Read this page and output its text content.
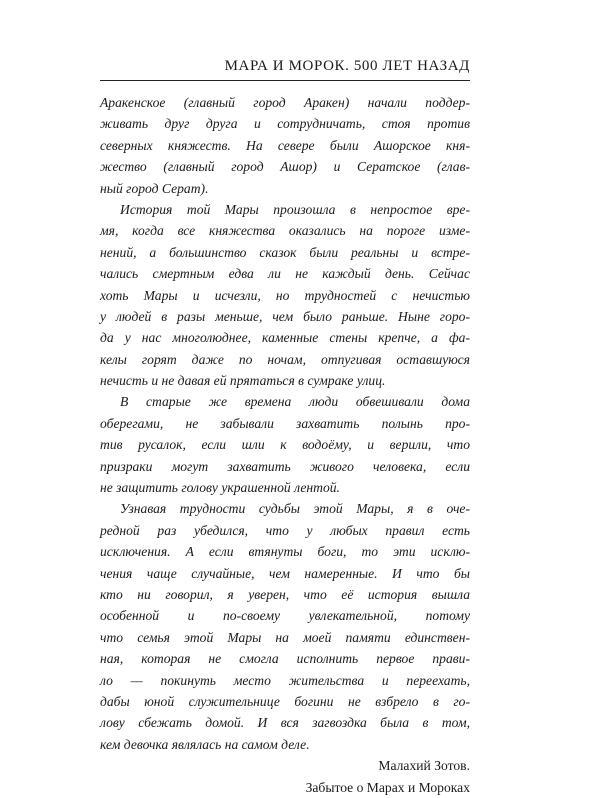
МАРА И МОРОК. 500 ЛЕТ НАЗАД
Аракенское (главный город Аракен) начали поддер-
живать друг друга и сотрудничать, стоя против
северных княжеств. На севере были Ашорское кня-
жество (главный город Ашор) и Сератское (глав-
ный город Серат).
История той Мары произошла в непростое вре-
мя, когда все княжества оказались на пороге измe-
нений, а большинство сказок были реальны и встре-
чались смертным едва ли не каждый день. Сейчас
хоть Мары и исчезли, но трудностей с нечистью
у людей в разы меньше, чем было раньше. Ныне горо-
да у нас многолюднее, каменные стены крепче, а фа-
келы горят даже по ночам, отпугивая оставшуюся
нечисть и не давая ей прятаться в сумраке улиц.
В старые же времена люди обвешивали дома
оберегами, не забывали захватить полынь про-
тив русалок, если шли к водоёму, и верили, что
призраки могут захватить живого человека, если
не защитить голову украшенной лентой.
Узнавая трудности судьбы этой Мары, я в оче-
редной раз убедился, что у любых правил есть
исключения. А если втянуты боги, то эти исклю-
чения чаще случайные, чем намеренные. И что бы
кто ни говорил, я уверен, что её история вышла
особенной и по-своему увлекательной, потому
что семья этой Мары на моей памяти единствен-
ная, которая не смогла исполнить первое прави-
ло — покинуть место жительства и переехать,
дабы юной служительнице богини не взбрело в го-
лову сбежать домой. И вся загвоздка была в том,
кем девочка являлась на самом деле.
Малахий Зотов.
Забытое о Марах и Мороках
